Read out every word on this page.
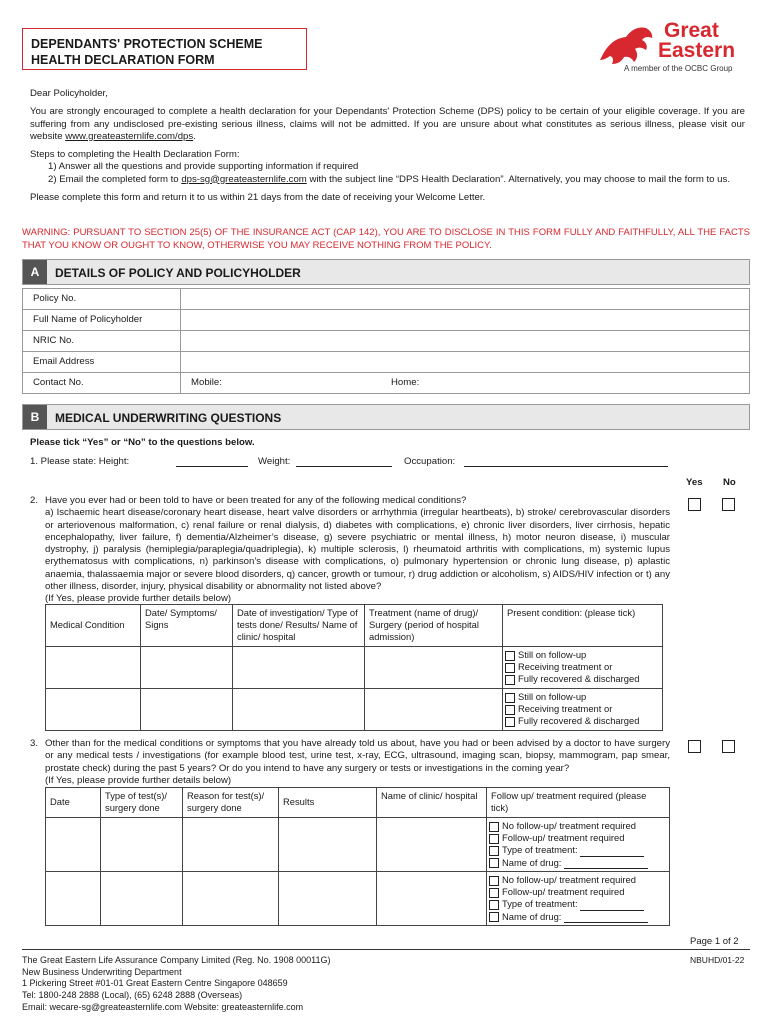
DEPENDANTS' PROTECTION SCHEME
HEALTH DECLARATION FORM
Great
Eastern
A member of the OCBC Group

Dear Policyholder,

You are strongly encouraged to complete a health declaration for your Dependants' Protection Scheme (DPS) policy to be certain of your eligible coverage. If you are suffering from any undisclosed pre-existing serious illness, claims will not be admitted. If you are unsure about what constitutes as serious illness, please visit our website www.greateasternlife.com/dps.

Steps to completing the Health Declaration Form:
1) Answer all the questions and provide supporting information if required
2) Email the completed form to dps-sg@greateasternlife.com with the subject line “DPS Health Declaration”. Alternatively, you may choose to mail the form to us.

Please complete this form and return it to us within 21 days from the date of receiving your Welcome Letter.

WARNING: PURSUANT TO SECTION 25(5) OF THE INSURANCE ACT (CAP 142), YOU ARE TO DISCLOSE IN THIS FORM FULLY AND FAITHFULLY, ALL THE FACTS THAT YOU KNOW OR OUGHT TO KNOW, OTHERWISE YOU MAY RECEIVE NOTHING FROM THE POLICY.
A	DETAILS OF POLICY AND POLICYHOLDER
Policy No.	
Full Name of Policyholder	
NRIC No.	
Email Address	
Contact No.	Mobile: Home:
B	MEDICAL UNDERWRITING QUESTIONS
Please tick “Yes” or “No” to the questions below.
1. Please state: Height:	Weight:	Occupation:
Yes No
2. Have you ever had or been told to have or been treated for any of the following medical conditions?
a) Ischaemic heart disease/coronary heart disease, heart valve disorders or arrhythmia (irregular heartbeats), b) stroke/ cerebrovascular disorders or arteriovenous malformation, c) renal failure or renal dialysis, d) diabetes with complications, e) chronic liver disorders, liver cirrhosis, hepatic encephalopathy, liver failure, f) dementia/Alzheimer’s disease, g) severe psychiatric or mental illness, h) motor neuron disease, i) muscular dystrophy, j) paralysis (hemiplegia/paraplegia/quadriplegia), k) multiple sclerosis, l) rheumatoid arthritis with complications, m) systemic lupus erythematosus with complications, n) parkinson’s disease with complications, o) pulmonary hypertension or chronic lung disease, p) aplastic anaemia, thalassaemia major or severe blood disorders, q) cancer, growth or tumour, r) drug addiction or alcoholism, s) AIDS/HIV infection or t) any other illness, disorder, injury, physical disability or abnormality not listed above?
(If Yes, please provide further details below)
Medical Condition	Date/ Symptoms/ Signs	Date of investigation/ Type of tests done/ Results/ Name of clinic/ hospital	Treatment (name of drug)/ Surgery (period of hospital admission)	Present condition: (please tick)

				Still on follow-up
Receiving treatment or
Fully recovered & discharged

				Still on follow-up
Receiving treatment or
Fully recovered & discharged
3. Other than for the medical conditions or symptoms that you have already told us about, have you had or been advised by a doctor to have surgery or any medical tests / investigations (for example blood test, urine test, x-ray, ECG, ultrasound, imaging scan, biopsy, mammogram, pap smear, prostate check) during the past 5 years? Or do you intend to have any surgery or tests or investigations in the coming year?
(If Yes, please provide further details below)
Date	Type of test(s)/ surgery done	Reason for test(s)/ surgery done	Results	Name of clinic/ hospital	Follow up/ treatment required (please tick)

					No follow-up/ treatment required
Follow-up/ treatment required
Type of treatment:
Name of drug:

					No follow-up/ treatment required
Follow-up/ treatment required
Type of treatment:
Name of drug:
Page 1 of 2
NBUHD/01-22
The Great Eastern Life Assurance Company Limited (Reg. No. 1908 00011G)
New Business Underwriting Department
1 Pickering Street #01-01 Great Eastern Centre Singapore 048659
Tel: 1800-248 2888 (Local), (65) 6248 2888 (Overseas)
Email: wecare-sg@greateasternlife.com Website: greateasternlife.com
